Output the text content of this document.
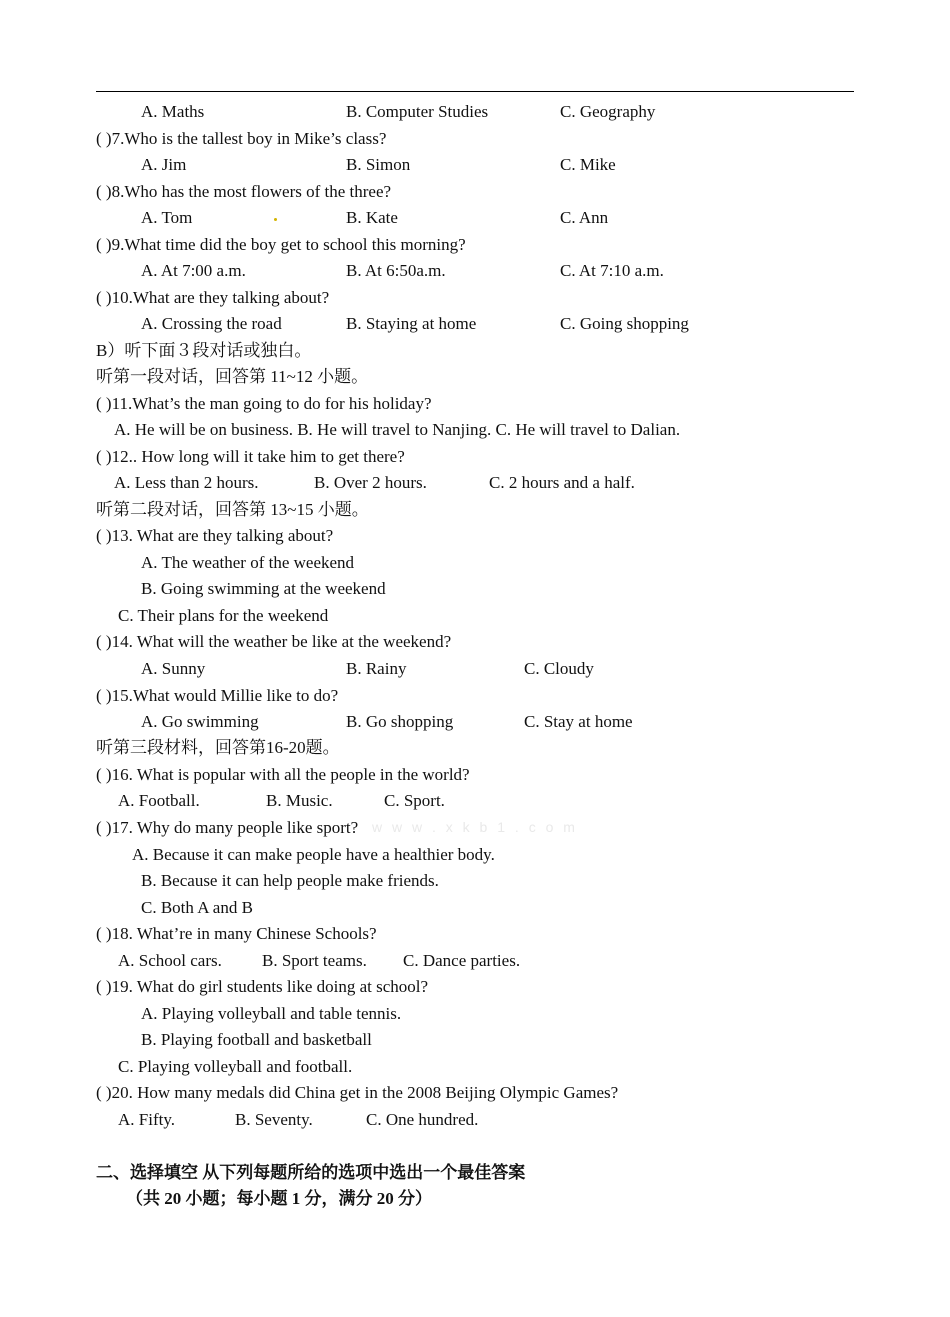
A. Maths	B. Computer Studies	C. Geography
( )7.Who is the tallest boy in Mike’s class?
A. Jim	B. Simon	C. Mike
( )8.Who has the most flowers of the three?
A. Tom	B. Kate	C. Ann
( )9.What time did the boy get to school this morning?
A. At 7:00 a.m.	B. At 6:50a.m.	C. At 7:10 a.m.
( )10.What are they talking about?
A. Crossing the road	B. Staying at home	C. Going shopping
B）听下面３段对话或独白。
听第一段对话，回答第 11~12 小题。
( )11.What’s the man going to do for his holiday?
A. He will be on business. B. He will travel to Nanjing. C. He will travel to Dalian.
( )12.. How long will it take him to get there?
A. Less than 2 hours.	B. Over 2 hours.	C. 2 hours and a half.
听第二段对话，回答第 13~15 小题。
( )13. What are they talking about?
A. The weather of the weekend
B. Going swimming at the weekend
C. Their plans for the weekend
( )14. What will the weather be like at the weekend?
A. Sunny	B. Rainy	C. Cloudy
( )15.What would Millie like to do?
A. Go swimming	B. Go shopping	C. Stay at home
听第三段材料，回答第16-20题。
( )16. What is popular with all the people in the world?
A. Football.	B. Music.	C. Sport.
( )17. Why do many people like sport?
A. Because it can make people have a healthier body.
B. Because it can help people make friends.
C. Both A and B
( )18. What’re in many Chinese Schools?
A. School cars. B. Sport teams. C. Dance parties.
( )19. What do girl students like doing at school?
A. Playing volleyball and table tennis.
B. Playing football and basketball
C. Playing volleyball and football.
( )20. How many medals did China get in the 2008 Beijing Olympic Games?
A. Fifty.	B. Seventy.	C. One hundred.
二、选择填空 从下列每题所给的选项中选出一个最佳答案
（共 20 小题；每小题 1 分，满分 20 分）
w w w . x k b 1 . c o m
